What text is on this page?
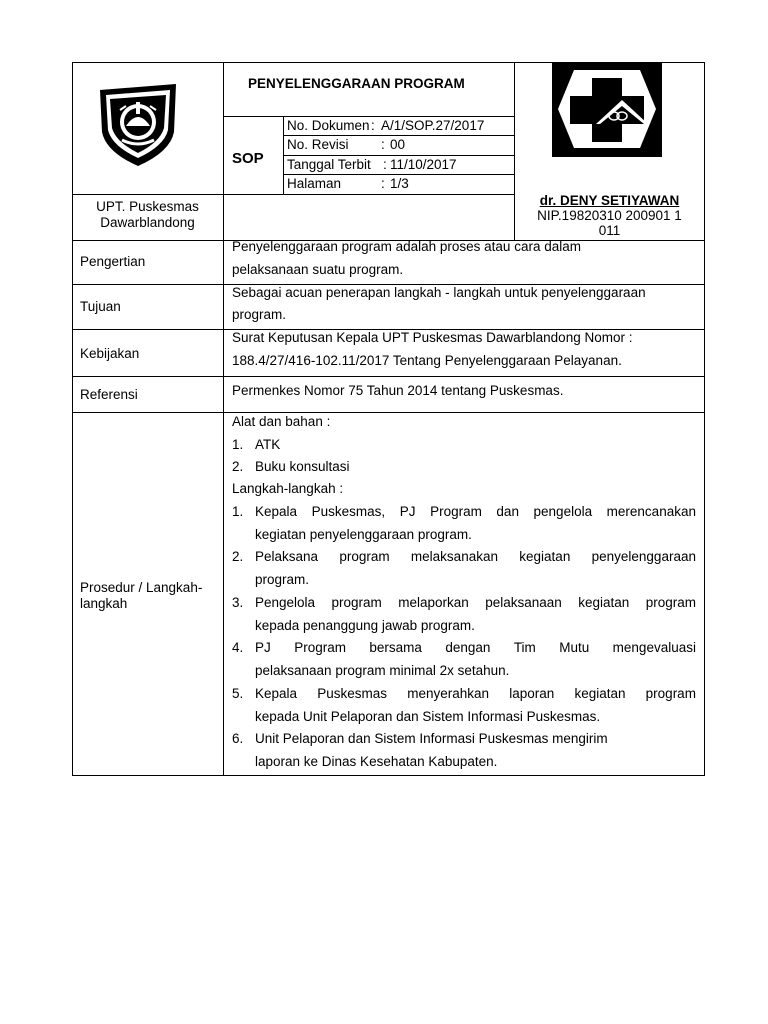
PENYELENGGARAAN PROGRAM
SOP
No. Dokumen : A/1/SOP.27/2017
No. Revisi : 00
Tanggal Terbit : 11/10/2017
Halaman	: 1/3
UPT. Puskesmas
Dawarblandong
dr. DENY SETIYAWAN
NIP.19820310 200901 1
011
Pengertian
Penyelenggaraan program adalah proses atau cara dalam
pelaksanaan suatu program.
Tujuan
Sebagai acuan penerapan langkah - langkah untuk penyelenggaraan
program.
Kebijakan
Surat Keputusan Kepala UPT Puskesmas Dawarblandong Nomor :
188.4/27/416-102.11/2017 Tentang Penyelenggaraan Pelayanan.
Referensi	Permenkes Nomor 75 Tahun 2014 tentang Puskesmas.
Prosedur / Langkah-
langkah
Alat dan bahan :
1. ATK
2. Buku konsultasi
Langkah-langkah :
1. Kepala Puskesmas, PJ Program dan pengelola merencanakan
kegiatan penyelenggaraan program.
2. Pelaksana program melaksanakan kegiatan penyelenggaraan
program.
3. Pengelola program melaporkan pelaksanaan kegiatan program
kepada penanggung jawab program.
4. PJ Program bersama dengan Tim Mutu mengevaluasi
pelaksanaan program minimal 2x setahun.
5. Kepala Puskesmas menyerahkan laporan kegiatan program
kepada Unit Pelaporan dan Sistem Informasi Puskesmas.
6. Unit Pelaporan dan Sistem Informasi Puskesmas mengirim
laporan ke Dinas Kesehatan Kabupaten.
